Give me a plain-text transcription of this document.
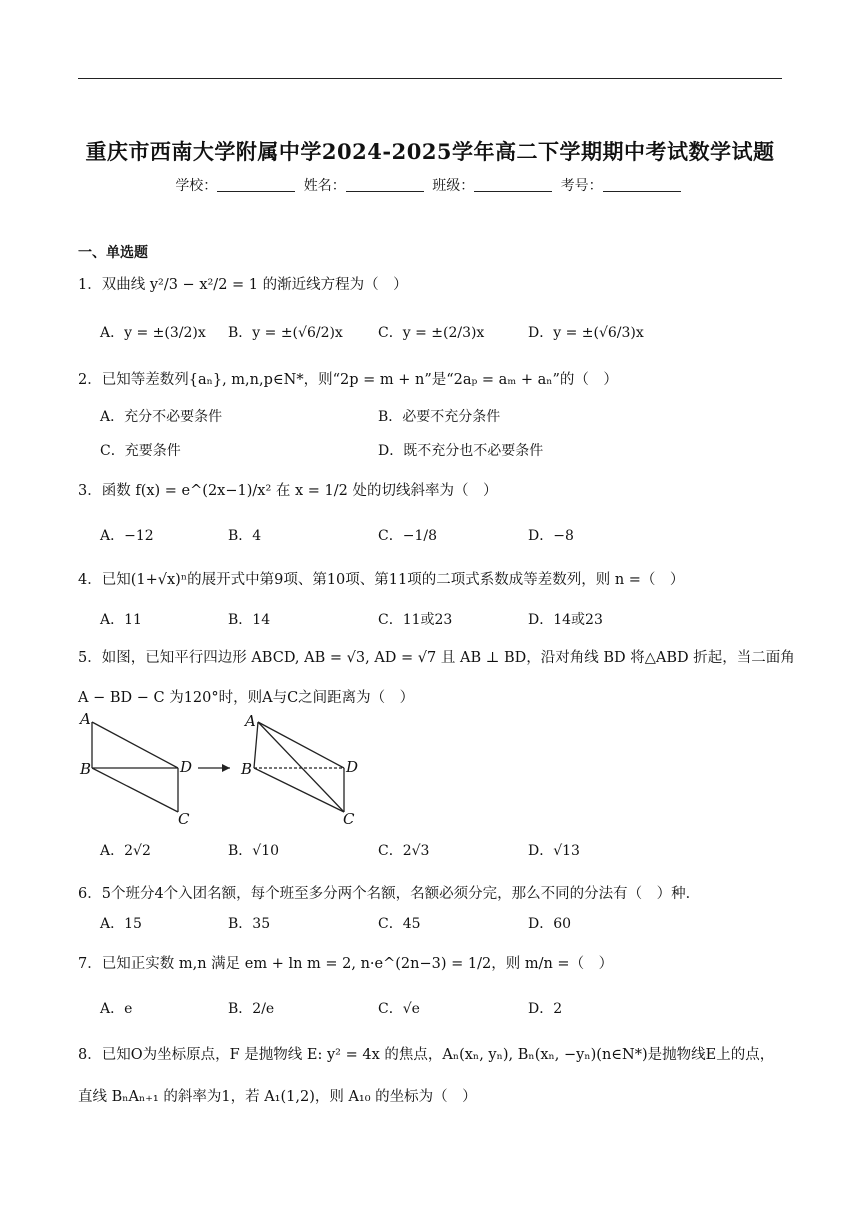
重庆市西南大学附属中学2024-2025学年高二下学期期中考试数学试题
学校：	姓名：	班级：	考号：
一、单选题
1．双曲线 y²/3 − x²/2 = 1 的渐近线方程为（　）
A．y = ±(3/2)x B．y = ±(√6/2)x	C．y = ±(2/3)x	D．y = ±(√6/3)x
2．已知等差数列{aₙ}, m,n,p∈N*，则“2p = m + n”是“2aₚ = aₘ + aₙ”的（　）
A．充分不必要条件	B．必要不充分条件
C．充要条件	D．既不充分也不必要条件
3．函数 f(x) = e^(2x−1)/x² 在 x = 1/2 处的切线斜率为（　）
A．−12	B．4	C．−1/8	D．−8
4．已知(1+√x)ⁿ的展开式中第9项、第10项、第11项的二项式系数成等差数列，则 n =（　）
A．11	B．14	C．11或23	D．14或23
5．如图，已知平行四边形 ABCD, AB = √3, AD = √7 且 AB ⊥ BD，沿对角线 BD 将△ABD 折起，当二面角
A − BD − C 为120°时，则A与C之间距离为（　）
A
B	D
C
A
B	D
C
A．2√2	B．√10	C．2√3	D．√13
6．5个班分4个入团名额，每个班至多分两个名额，名额必须分完，那么不同的分法有（　）种．
A．15	B．35	C．45	D．60
7．已知正实数 m,n 满足 em + ln m = 2, n·e^(2n−3) = 1/2，则 m/n =（　）
A．e	B．2/e	C．√e	D．2
8．已知O为坐标原点，F 是抛物线 E: y² = 4x 的焦点，Aₙ(xₙ, yₙ), Bₙ(xₙ, −yₙ)(n∈N*)是抛物线E上的点，
直线 BₙAₙ₊₁ 的斜率为1，若 A₁(1,2)，则 A₁₀ 的坐标为（　）
